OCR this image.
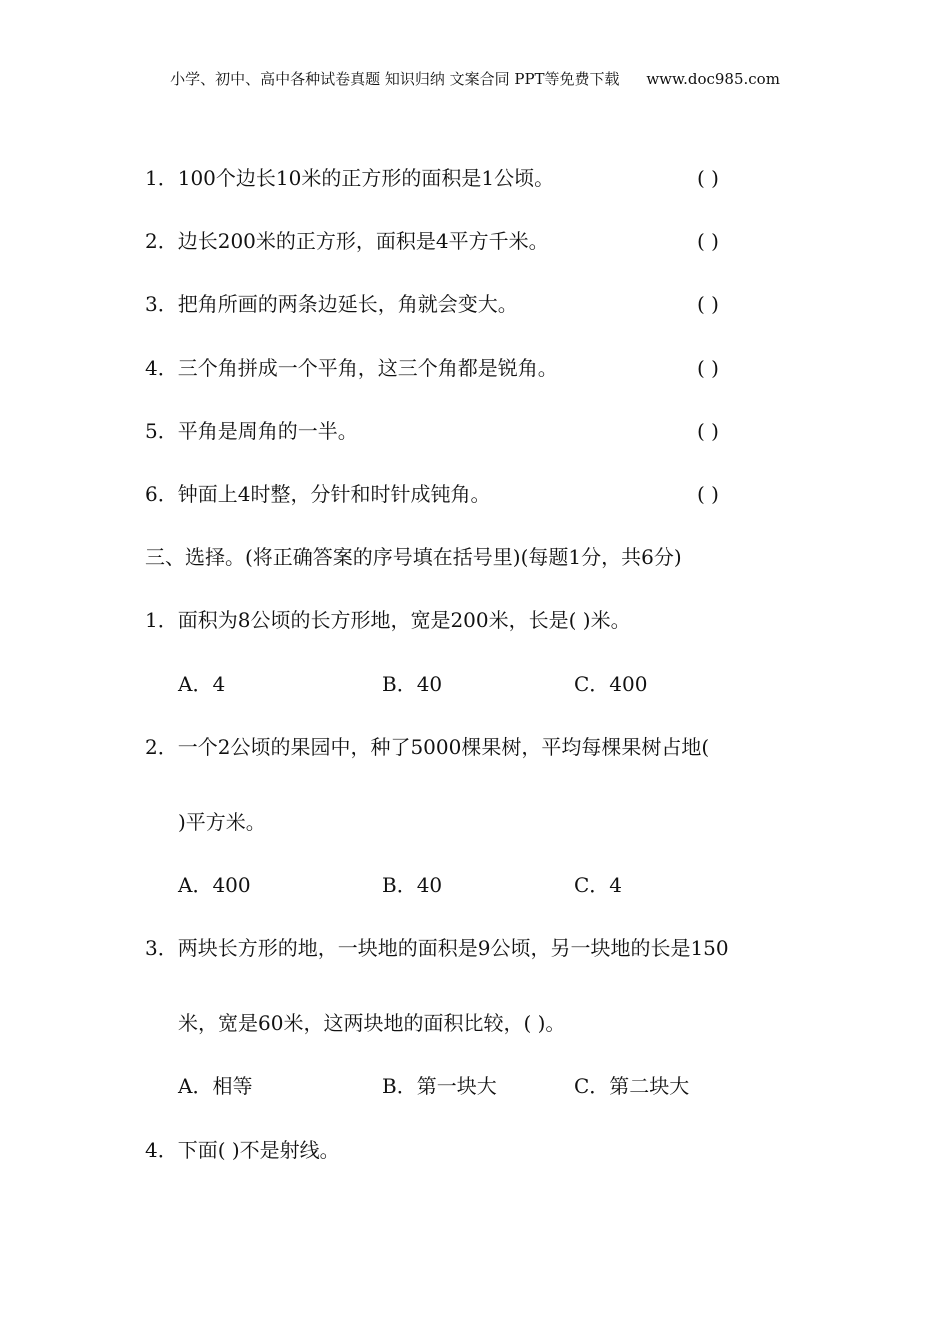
小学、初中、高中各种试卷真题 知识归纳 文案合同 PPT等免费下载 www.doc985.com
1．100个边长10米的正方形的面积是1公顷。	( )
2．边长200米的正方形，面积是4平方千米。	( )
3．把角所画的两条边延长，角就会变大。	( )
4．三个角拼成一个平角，这三个角都是锐角。	( )
5．平角是周角的一半。	( )
6．钟面上4时整，分针和时针成钝角。	( )
三、选择。(将正确答案的序号填在括号里)(每题1分，共6分)
1．面积为8公顷的长方形地，宽是200米，长是( )米。
A．4	B．40	C．400
2．一个2公顷的果园中，种了5000棵果树，平均每棵果树占地(
)平方米。
A．400	B．40	C．4
3．两块长方形的地，一块地的面积是9公顷，另一块地的长是150
米，宽是60米，这两块地的面积比较，( )。
A．相等	B．第一块大	C．第二块大
4．下面( )不是射线。
